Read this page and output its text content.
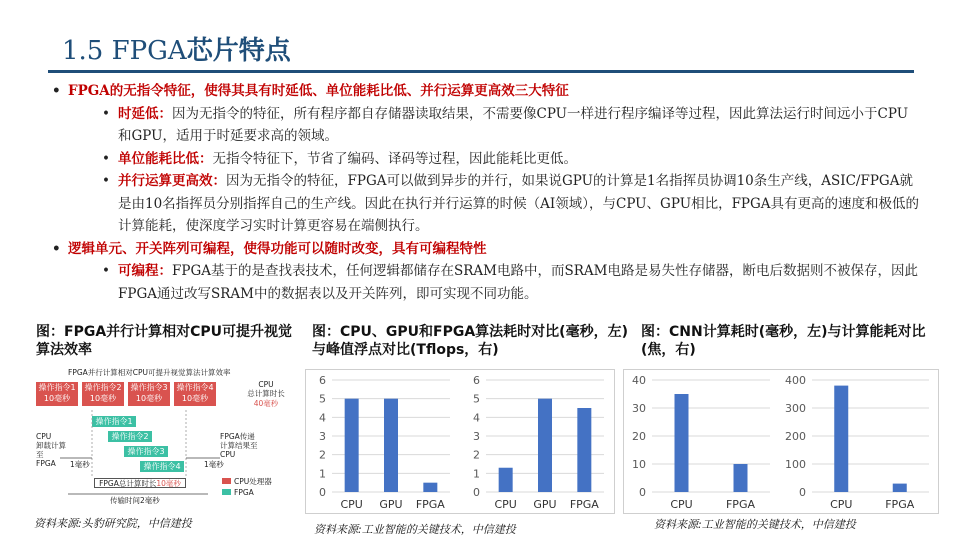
1.5 FPGA芯片特点
• FPGA的无指令特征，使得其具有时延低、单位能耗比低、并行运算更高效三大特征
• 时延低：因为无指令的特征，所有程序都自存储器读取结果，不需要像CPU一样进行程序编译等过程，因此算法运行时间远小于CPU和GPU，适用于时延要求高的领域。
• 单位能耗比低：无指令特征下，节省了编码、译码等过程，因此能耗比更低。
• 并行运算更高效：因为无指令的特征，FPGA可以做到异步的并行，如果说GPU的计算是1名指挥员协调10条生产线，ASIC/FPGA就是由10名指挥员分别指挥自己的生产线。因此在执行并行运算的时候（AI领域），与CPU、GPU相比，FPGA具有更高的速度和极低的计算能耗，使深度学习实时计算更容易在端侧执行。
• 逻辑单元、开关阵列可编程，使得功能可以随时改变，具有可编程特性
• 可编程：FPGA基于的是查找表技术，任何逻辑都储存在SRAM电路中，而SRAM电路是易失性存储器，断电后数据则不被保存，因此FPGA通过改写SRAM中的数据表以及开关阵列，即可实现不同功能。
图：FPGA并行计算相对CPU可提升视觉算法效率
图：CPU、GPU和FPGA算法耗时对比(毫秒，左)与峰值浮点对比(Tflops，右)
图：CNN计算耗时(毫秒，左)与计算能耗对比(焦，右)
FPGA并行计算相对CPU可提升视觉算法计算效率
操作指令1
10毫秒
操作指令2
10毫秒
操作指令3
10毫秒
操作指令4
10毫秒
CPU
总计算时长
40毫秒
CPU
卸载计算至
FPGA
FPGA传递
计算结果至
CPU
1毫秒	1毫秒
操作指令1
操作指令2
操作指令3
操作指令4
FPGA总计算时长10毫秒
传输时间2毫秒
CPU处理器
FPGA	0
1
2
3
4
5
6
CPU GPU FPGA
0
1
2
3
4
5
6
CPU GPU FPGA
0
10
20
30
40
CPU	FPGA
0
100
200
300
400
CPU	FPGA
资料来源:头豹研究院，中信建投	资料来源:工业智能的关键技术，中信建投	资料来源:工业智能的关键技术，中信建投
